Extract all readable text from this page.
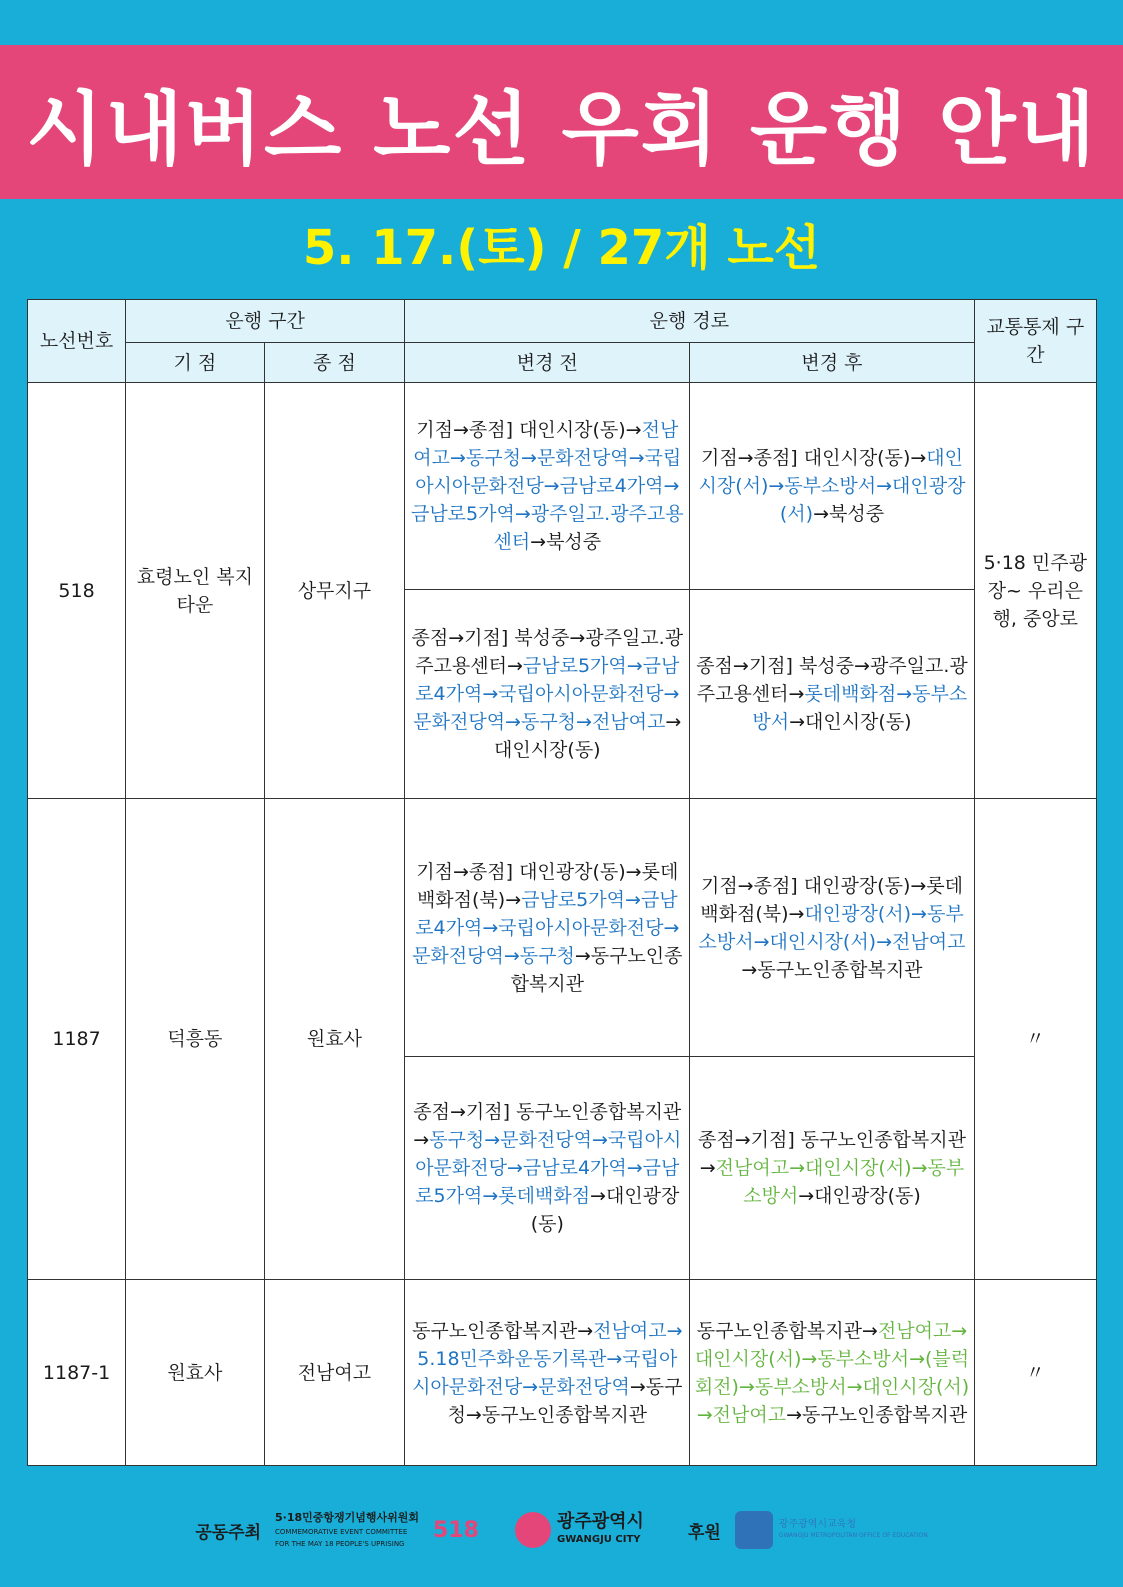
시내버스 노선 우회 운행 안내
5. 17.(토) / 27개 노선
노선번호	운행 구간		운행 경로		교통통제 구간
	기 점	종 점	변경 전	변경 후	
518	효령노인 복지타운	상무지구	기점→종점] 대인시장(동)→전남여고→동구청→문화전당역→국립아시아문화전당→금남로4가역→금남로5가역→광주일고.광주고용센터→북성중	기점→종점] 대인시장(동)→대인시장(서)→동부소방서→대인광장(서)→북성중	5·18 민주광장~ 우리은행, 중앙로
			종점→기점] 북성중→광주일고.광주고용센터→금남로5가역→금남로4가역→국립아시아문화전당→문화전당역→동구청→전남여고→대인시장(동)	종점→기점] 북성중→광주일고.광주고용센터→롯데백화점→동부소방서→대인시장(동)	
1187	덕흥동	원효사	기점→종점] 대인광장(동)→롯데백화점(북)→금남로5가역→금남로4가역→국립아시아문화전당→문화전당역→동구청→동구노인종합복지관	기점→종점] 대인광장(동)→롯데백화점(북)→대인광장(서)→동부소방서→대인시장(서)→전남여고→동구노인종합복지관	〃
			종점→기점] 동구노인종합복지관→동구청→문화전당역→국립아시아문화전당→금남로4가역→금남로5가역→롯데백화점→대인광장(동)	종점→기점] 동구노인종합복지관→전남여고→대인시장(서)→동부소방서→대인광장(동)	
1187-1	원효사	전남여고	동구노인종합복지관→전남여고→5.18민주화운동기록관→국립아시아문화전당→문화전당역→동구청→동구노인종합복지관	동구노인종합복지관→전남여고→대인시장(서)→동부소방서→(블럭회전)→동부소방서→대인시장(서)→전남여고→동구노인종합복지관	〃
공동주최
5·18민중항쟁기념행사위원회
COMMEMORATIVE EVENT COMMITTEE
FOR THE MAY 18 PEOPLE'S UPRISING
518	광주광역시
GWANGJU CITY	후원	광주광역시교육청
GWANGJU METROPOLITAN OFFICE OF EDUCATION
